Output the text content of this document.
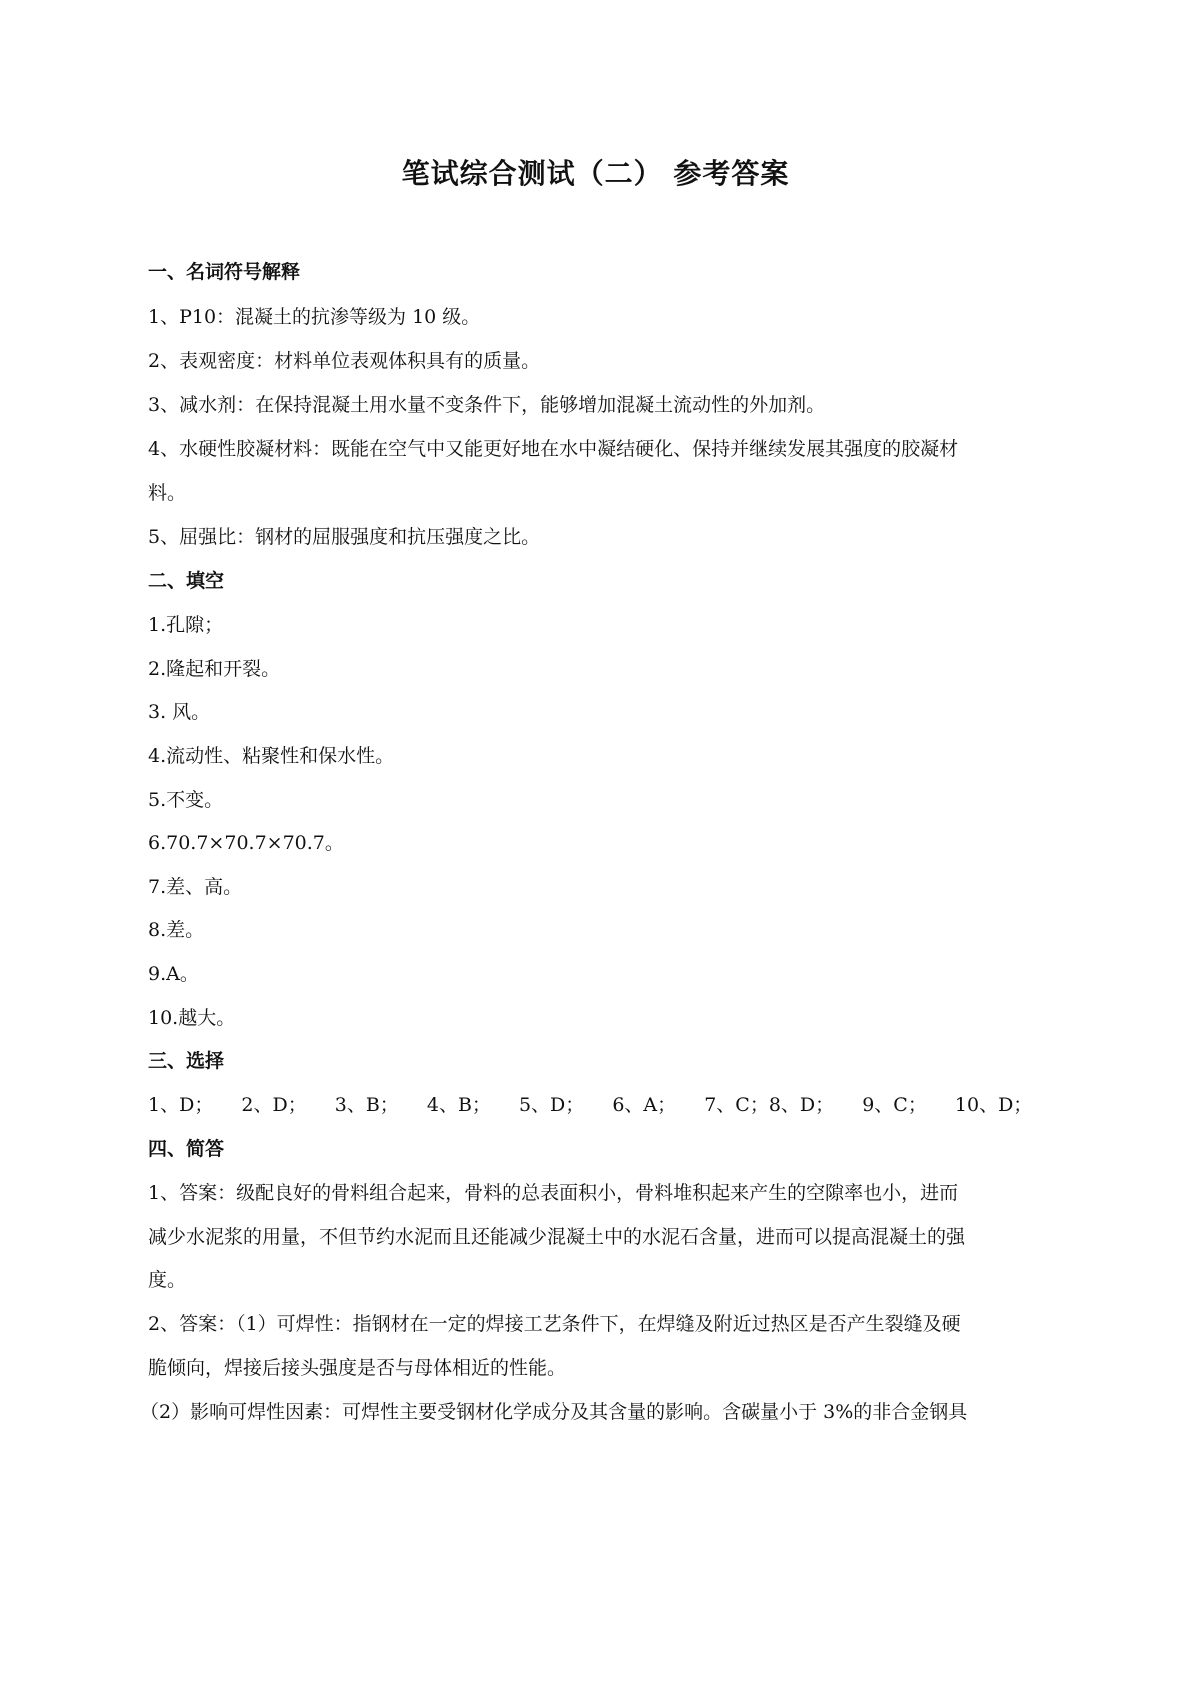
笔试综合测试（二） 参考答案
一、名词符号解释
1、P10：混凝土的抗渗等级为 10 级。
2、表观密度：材料单位表观体积具有的质量。
3、减水剂：在保持混凝土用水量不变条件下，能够增加混凝土流动性的外加剂。
4、水硬性胶凝材料：既能在空气中又能更好地在水中凝结硬化、保持并继续发展其强度的胶凝材
料。
5、屈强比：钢材的屈服强度和抗压强度之比。
二、填空
1.孔隙；
2.隆起和开裂。
3. 风。
4.流动性、粘聚性和保水性。
5.不变。
6.70.7×70.7×70.7。
7.差、高。
8.差。
9.A。
10.越大。
三、选择
1、D； 2、D； 3、B； 4、B； 5、D； 6、A； 7、C；8、D； 9、C； 10、D；
四、简答
1、答案：级配良好的骨料组合起来，骨料的总表面积小，骨料堆积起来产生的空隙率也小，进而
减少水泥浆的用量，不但节约水泥而且还能减少混凝土中的水泥石含量，进而可以提高混凝土的强
度。
2、答案：（1）可焊性：指钢材在一定的焊接工艺条件下，在焊缝及附近过热区是否产生裂缝及硬
脆倾向，焊接后接头强度是否与母体相近的性能。
（2）影响可焊性因素：可焊性主要受钢材化学成分及其含量的影响。含碳量小于 3%的非合金钢具
